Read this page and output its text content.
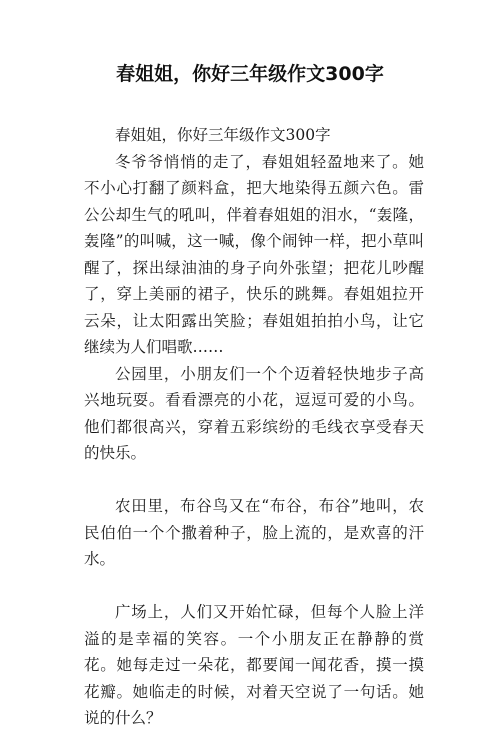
春姐姐，你好三年级作文300字

春姐姐，你好三年级作文300字

冬爷爷悄悄的走了，春姐姐轻盈地来了。她不小心打翻了颜料盒，把大地染得五颜六色。雷公公却生气的吼叫，伴着春姐姐的泪水，“轰隆，轰隆”的叫喊，这一喊，像个闹钟一样，把小草叫醒了，探出绿油油的身子向外张望；把花儿吵醒了，穿上美丽的裙子，快乐的跳舞。春姐姐拉开云朵，让太阳露出笑脸；春姐姐拍拍小鸟，让它继续为人们唱歌……

公园里，小朋友们一个个迈着轻快地步子高兴地玩耍。看看漂亮的小花，逗逗可爱的小鸟。他们都很高兴，穿着五彩缤纷的毛线衣享受春天的快乐。

农田里，布谷鸟又在“布谷，布谷”地叫，农民伯伯一个个撒着种子，脸上流的，是欢喜的汗水。

广场上，人们又开始忙碌，但每个人脸上洋溢的是幸福的笑容。一个小朋友正在静静的赏花。她每走过一朵花，都要闻一闻花香，摸一摸花瓣。她临走的时候，对着天空说了一句话。她说的什么？
